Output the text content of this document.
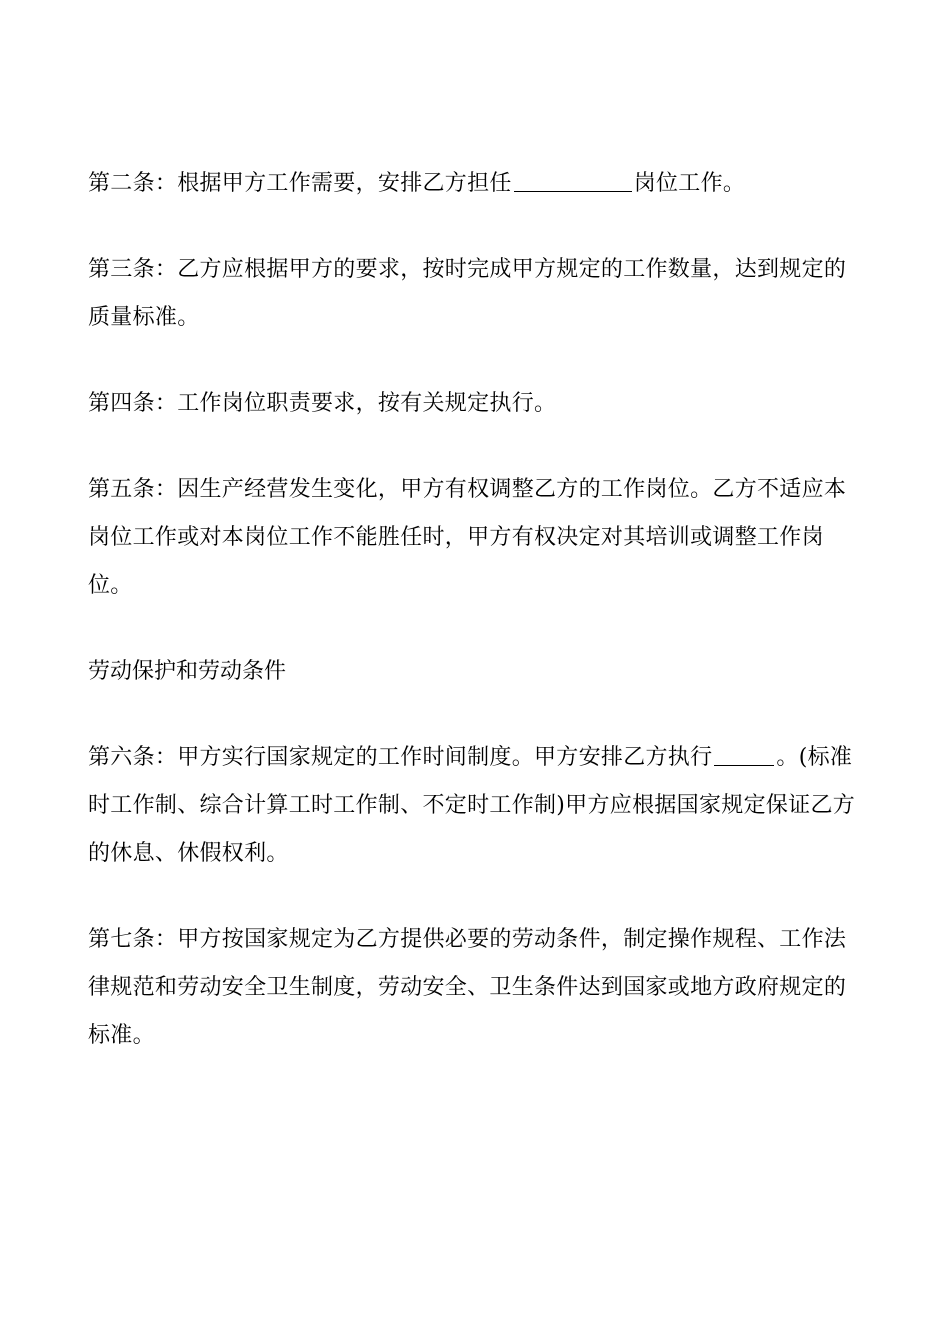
第二条：根据甲方工作需要，安排乙方担任	岗位工作。

第三条：乙方应根据甲方的要求，按时完成甲方规定的工作数量，达到规定的质量标准。

第四条：工作岗位职责要求，按有关规定执行。

第五条：因生产经营发生变化，甲方有权调整乙方的工作岗位。乙方不适应本岗位工作或对本岗位工作不能胜任时，甲方有权决定对其培训或调整工作岗位。

劳动保护和劳动条件

第六条：甲方实行国家规定的工作时间制度。甲方安排乙方执行	。(标准时工作制、综合计算工时工作制、不定时工作制)甲方应根据国家规定保证乙方的休息、休假权利。

第七条：甲方按国家规定为乙方提供必要的劳动条件，制定操作规程、工作法律规范和劳动安全卫生制度，劳动安全、卫生条件达到国家或地方政府规定的标准。
